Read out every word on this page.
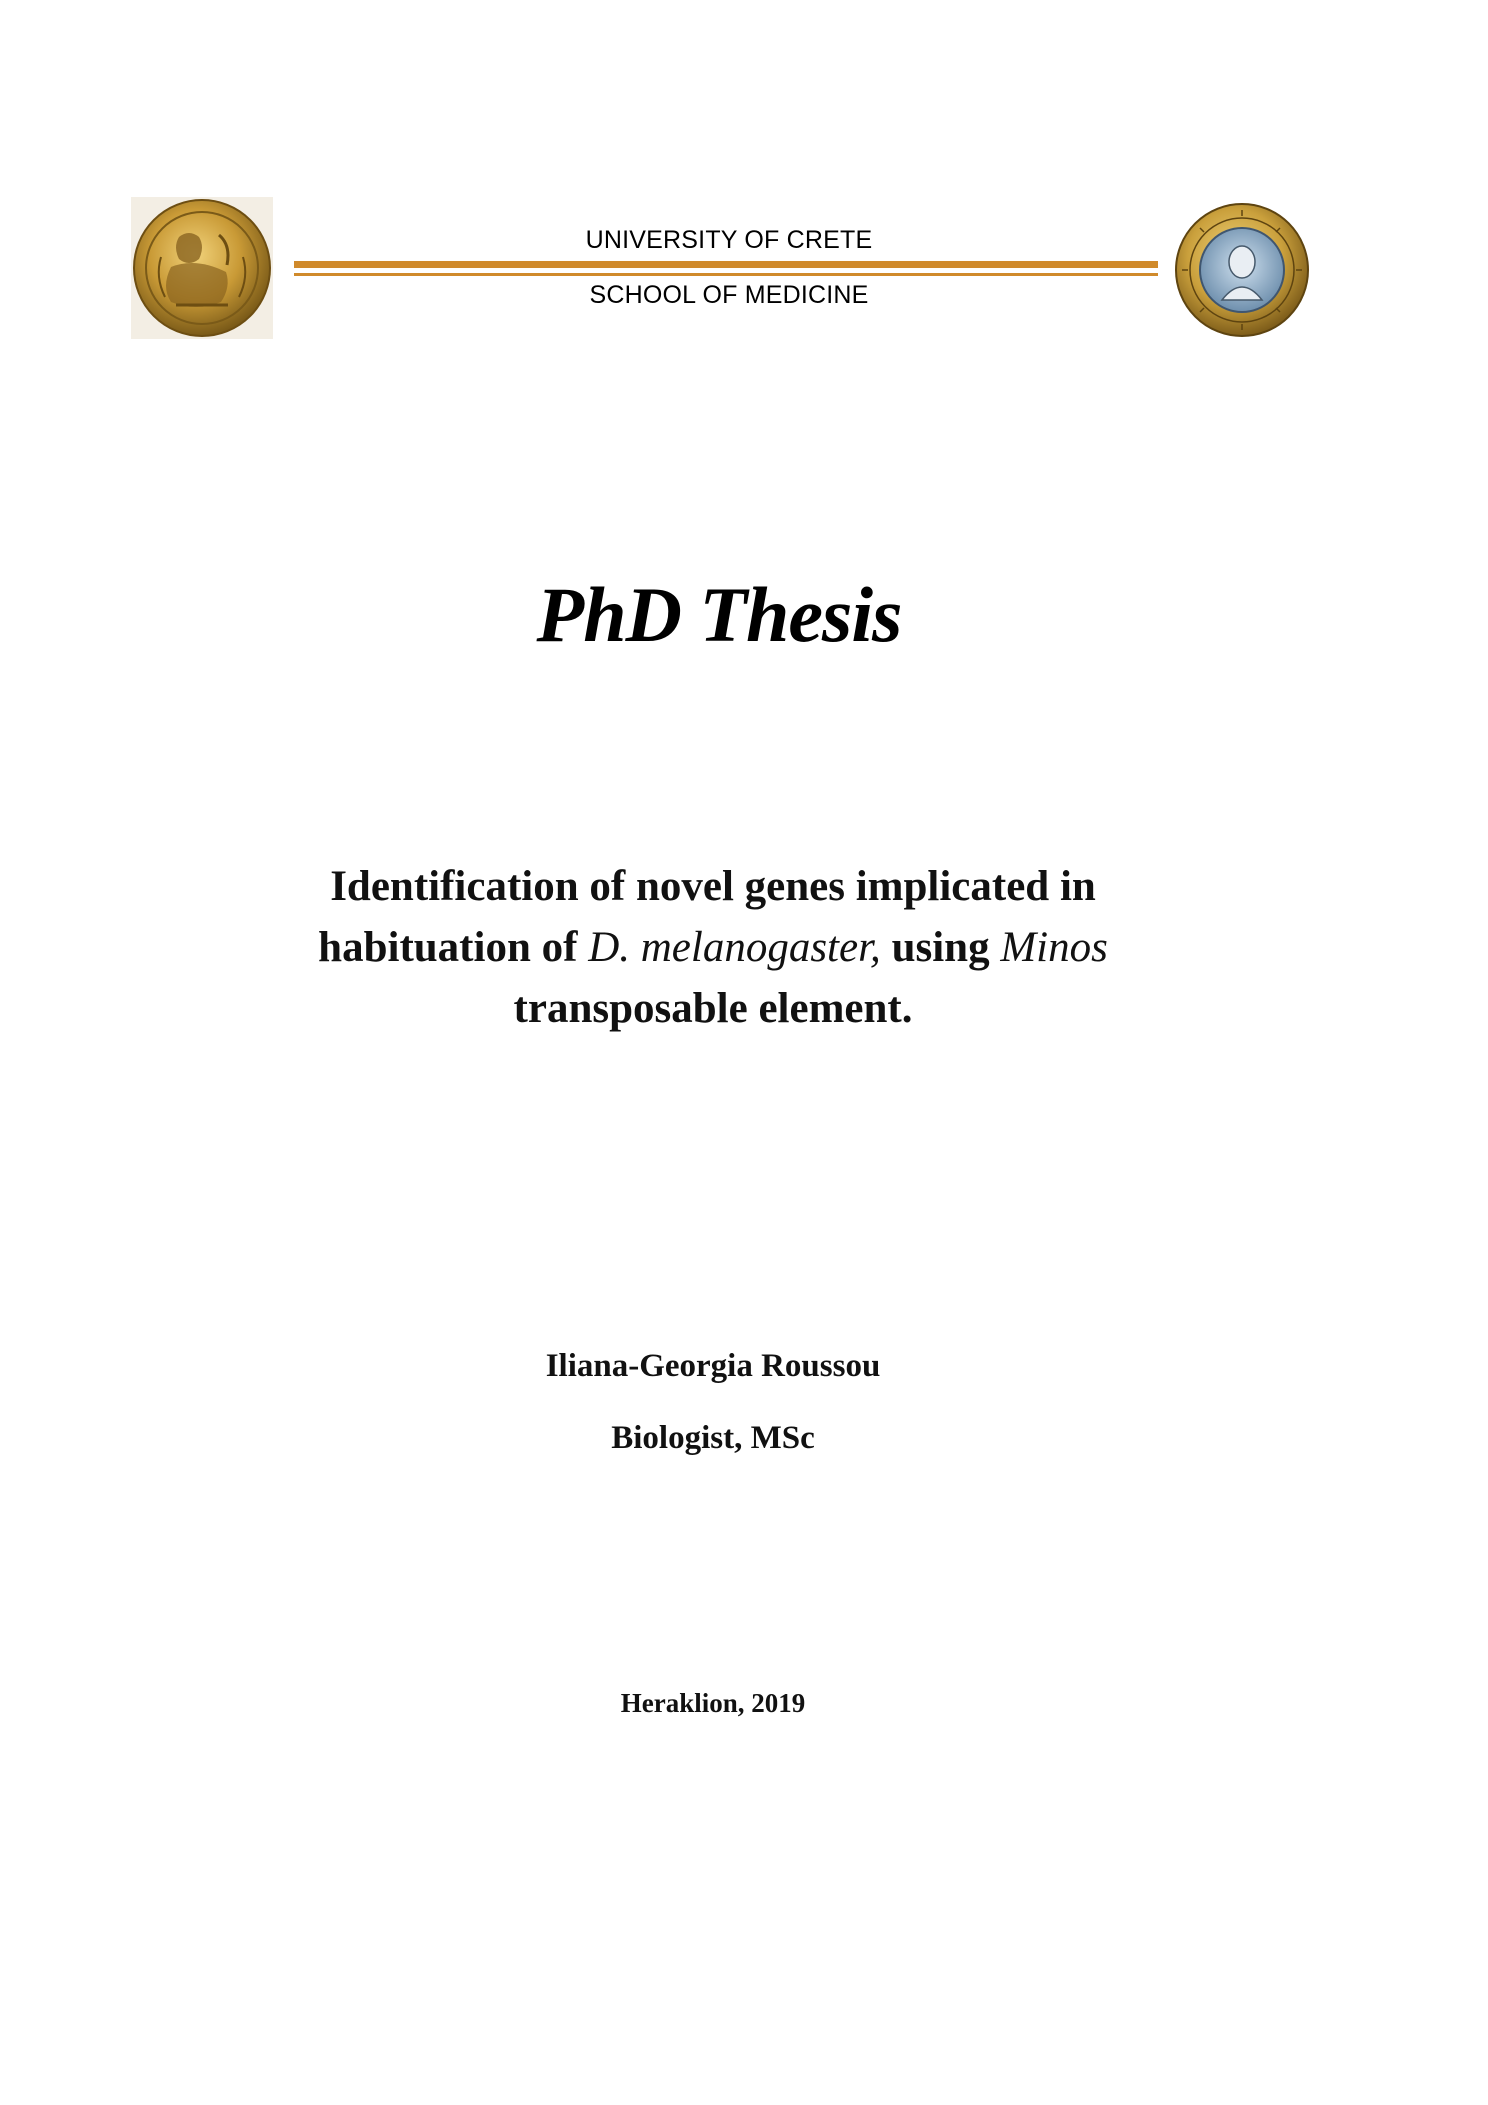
UNIVERSITY OF CRETE
SCHOOL OF MEDICINE
PhD Thesis
Identification of novel genes implicated in
habituation of D. melanogaster, using Minos
transposable element.
Iliana-Georgia Roussou
Biologist, MSc
Heraklion, 2019
